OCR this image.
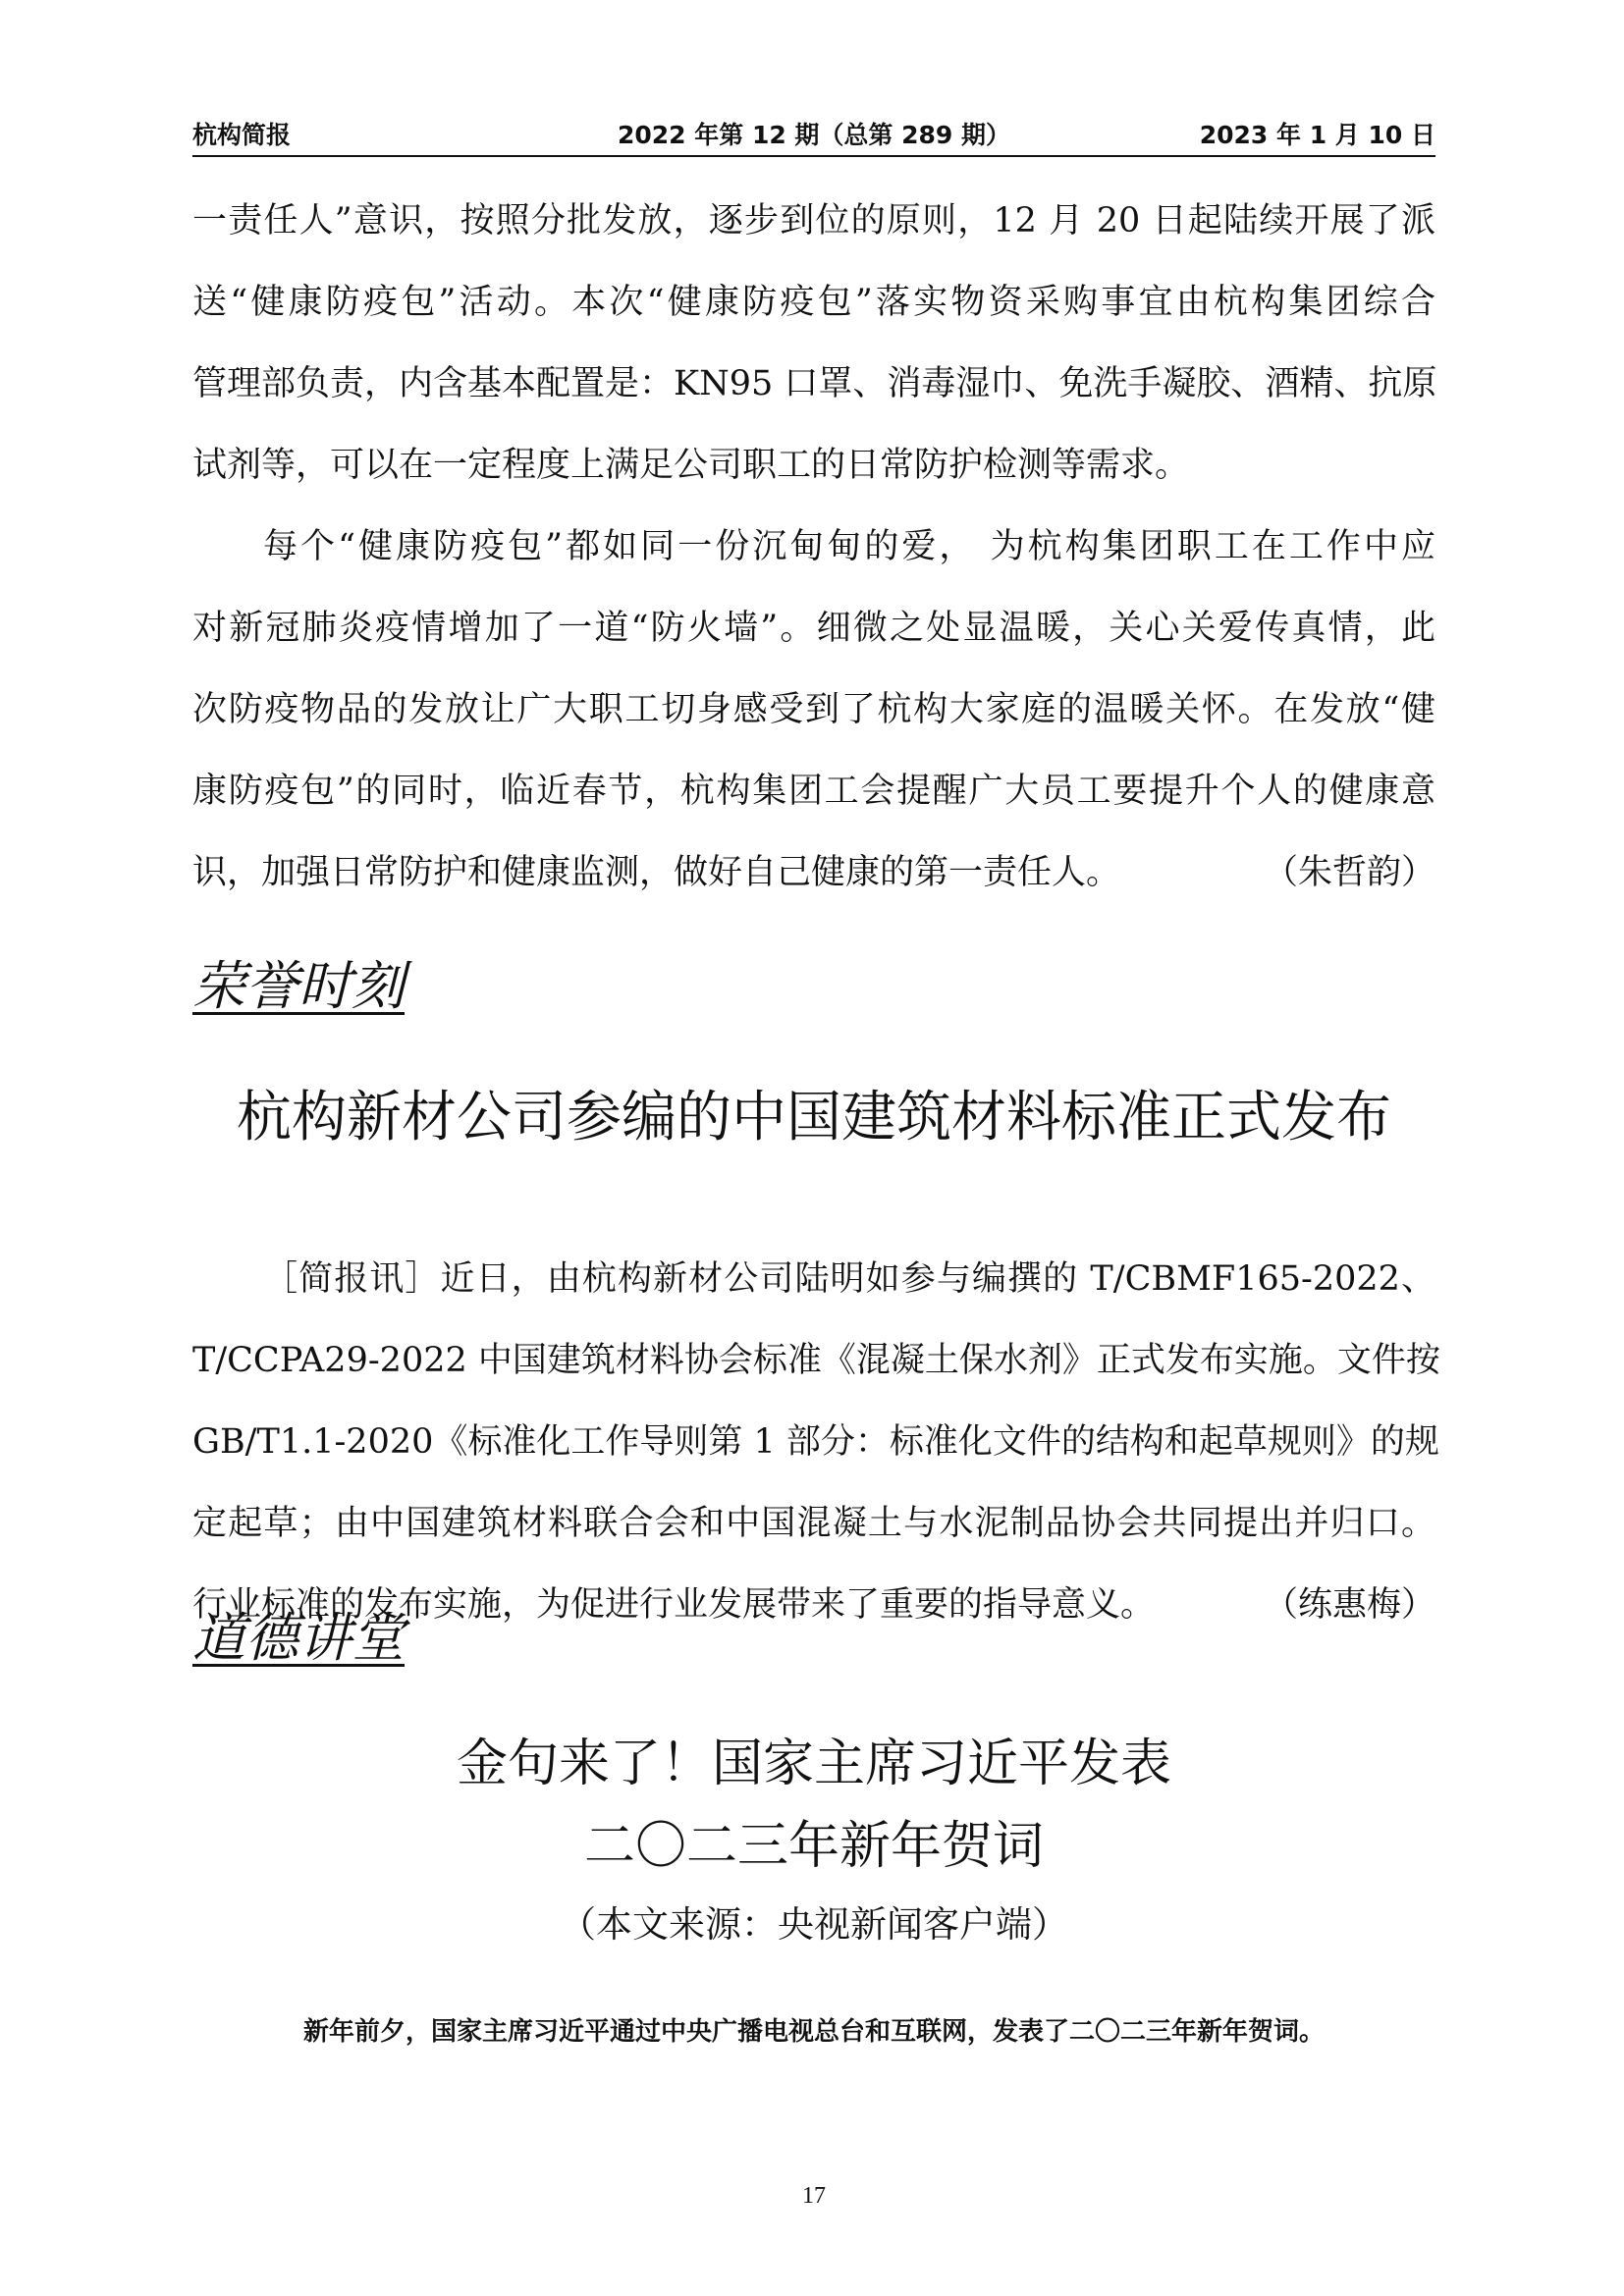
杭构简报	2022 年第 12 期（总第 289 期）	2023 年 1 月 10 日
一责任人”意识，按照分批发放，逐步到位的原则，12 月 20 日起陆续开展了派
送“健康防疫包”活动。本次“健康防疫包”落实物资采购事宜由杭构集团综合
管理部负责，内含基本配置是：KN95 口罩、消毒湿巾、免洗手凝胶、酒精、抗原
试剂等，可以在一定程度上满足公司职工的日常防护检测等需求。
每个“健康防疫包”都如同一份沉甸甸的爱， 为杭构集团职工在工作中应
对新冠肺炎疫情增加了一道“防火墙”。细微之处显温暖，关心关爱传真情，此
次防疫物品的发放让广大职工切身感受到了杭构大家庭的温暖关怀。在发放“健
康防疫包”的同时，临近春节，杭构集团工会提醒广大员工要提升个人的健康意
识，加强日常防护和健康监测，做好自己健康的第一责任人。	（朱哲韵）
荣誉时刻
杭构新材公司参编的中国建筑材料标准正式发布
［简报讯］近日，由杭构新材公司陆明如参与编撰的 T/CBMF165-2022、
T/CCPA29-2022 中国建筑材料协会标准《混凝土保水剂》正式发布实施。文件按
GB/T1.1-2020《标准化工作导则第 1 部分：标准化文件的结构和起草规则》的规
定起草；由中国建筑材料联合会和中国混凝土与水泥制品协会共同提出并归口。
行业标准的发布实施，为促进行业发展带来了重要的指导意义。	（练惠梅）
道德讲堂
金句来了！国家主席习近平发表
二〇二三年新年贺词
（本文来源：央视新闻客户端）
新年前夕，国家主席习近平通过中央广播电视总台和互联网，发表了二〇二三年新年贺词。
17
